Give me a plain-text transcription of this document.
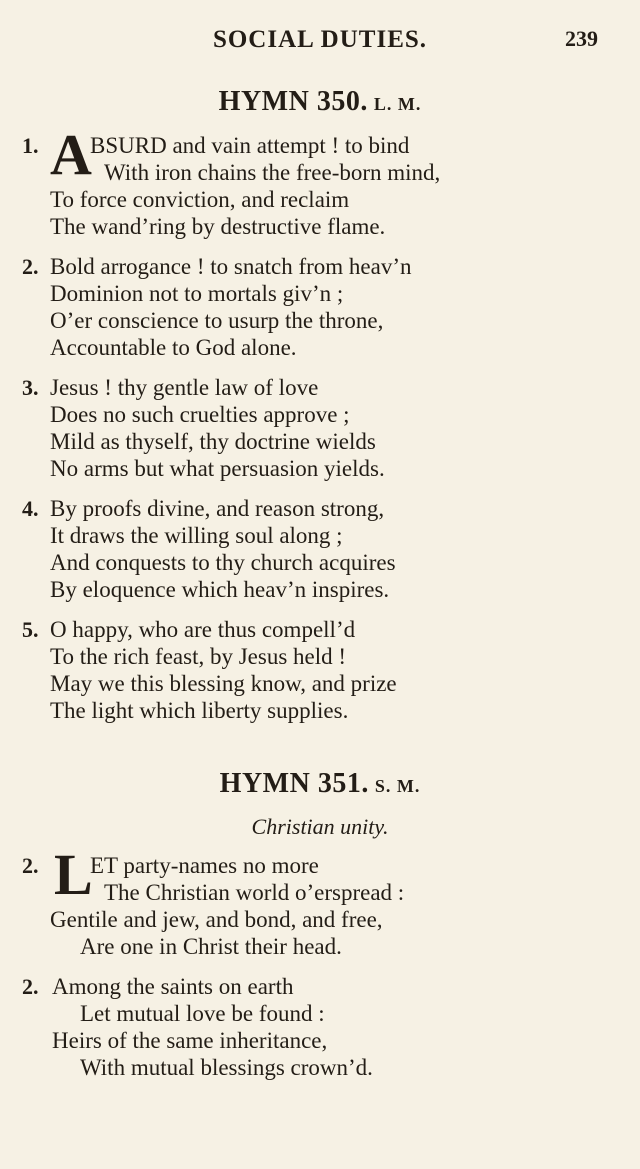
SOCIAL DUTIES.	239
HYMN 350. L. M.
1. A
BSURD and vain attempt ! to bind
With iron chains the free-born mind,
To force conviction, and reclaim
The wand’ring by destructive flame.
2. Bold arrogance ! to snatch from heav’n
Dominion not to mortals giv’n ;
O’er conscience to usurp the throne,
Accountable to God alone.
3. Jesus ! thy gentle law of love
Does no such cruelties approve ;
Mild as thyself, thy doctrine wields
No arms but what persuasion yields.
4. By proofs divine, and reason strong,
It draws the willing soul along ;
And conquests to thy church acquires
By eloquence which heav’n inspires.
5. O happy, who are thus compell’d
To the rich feast, by Jesus held !
May we this blessing know, and prize
The light which liberty supplies.
HYMN 351. S. M.
Christian unity.
2. L
ET party-names no more
The Christian world o’erspread :
Gentile and jew, and bond, and free,
Are one in Christ their head.
2. Among the saints on earth
Let mutual love be found :
Heirs of the same inheritance,
With mutual blessings crown’d.
